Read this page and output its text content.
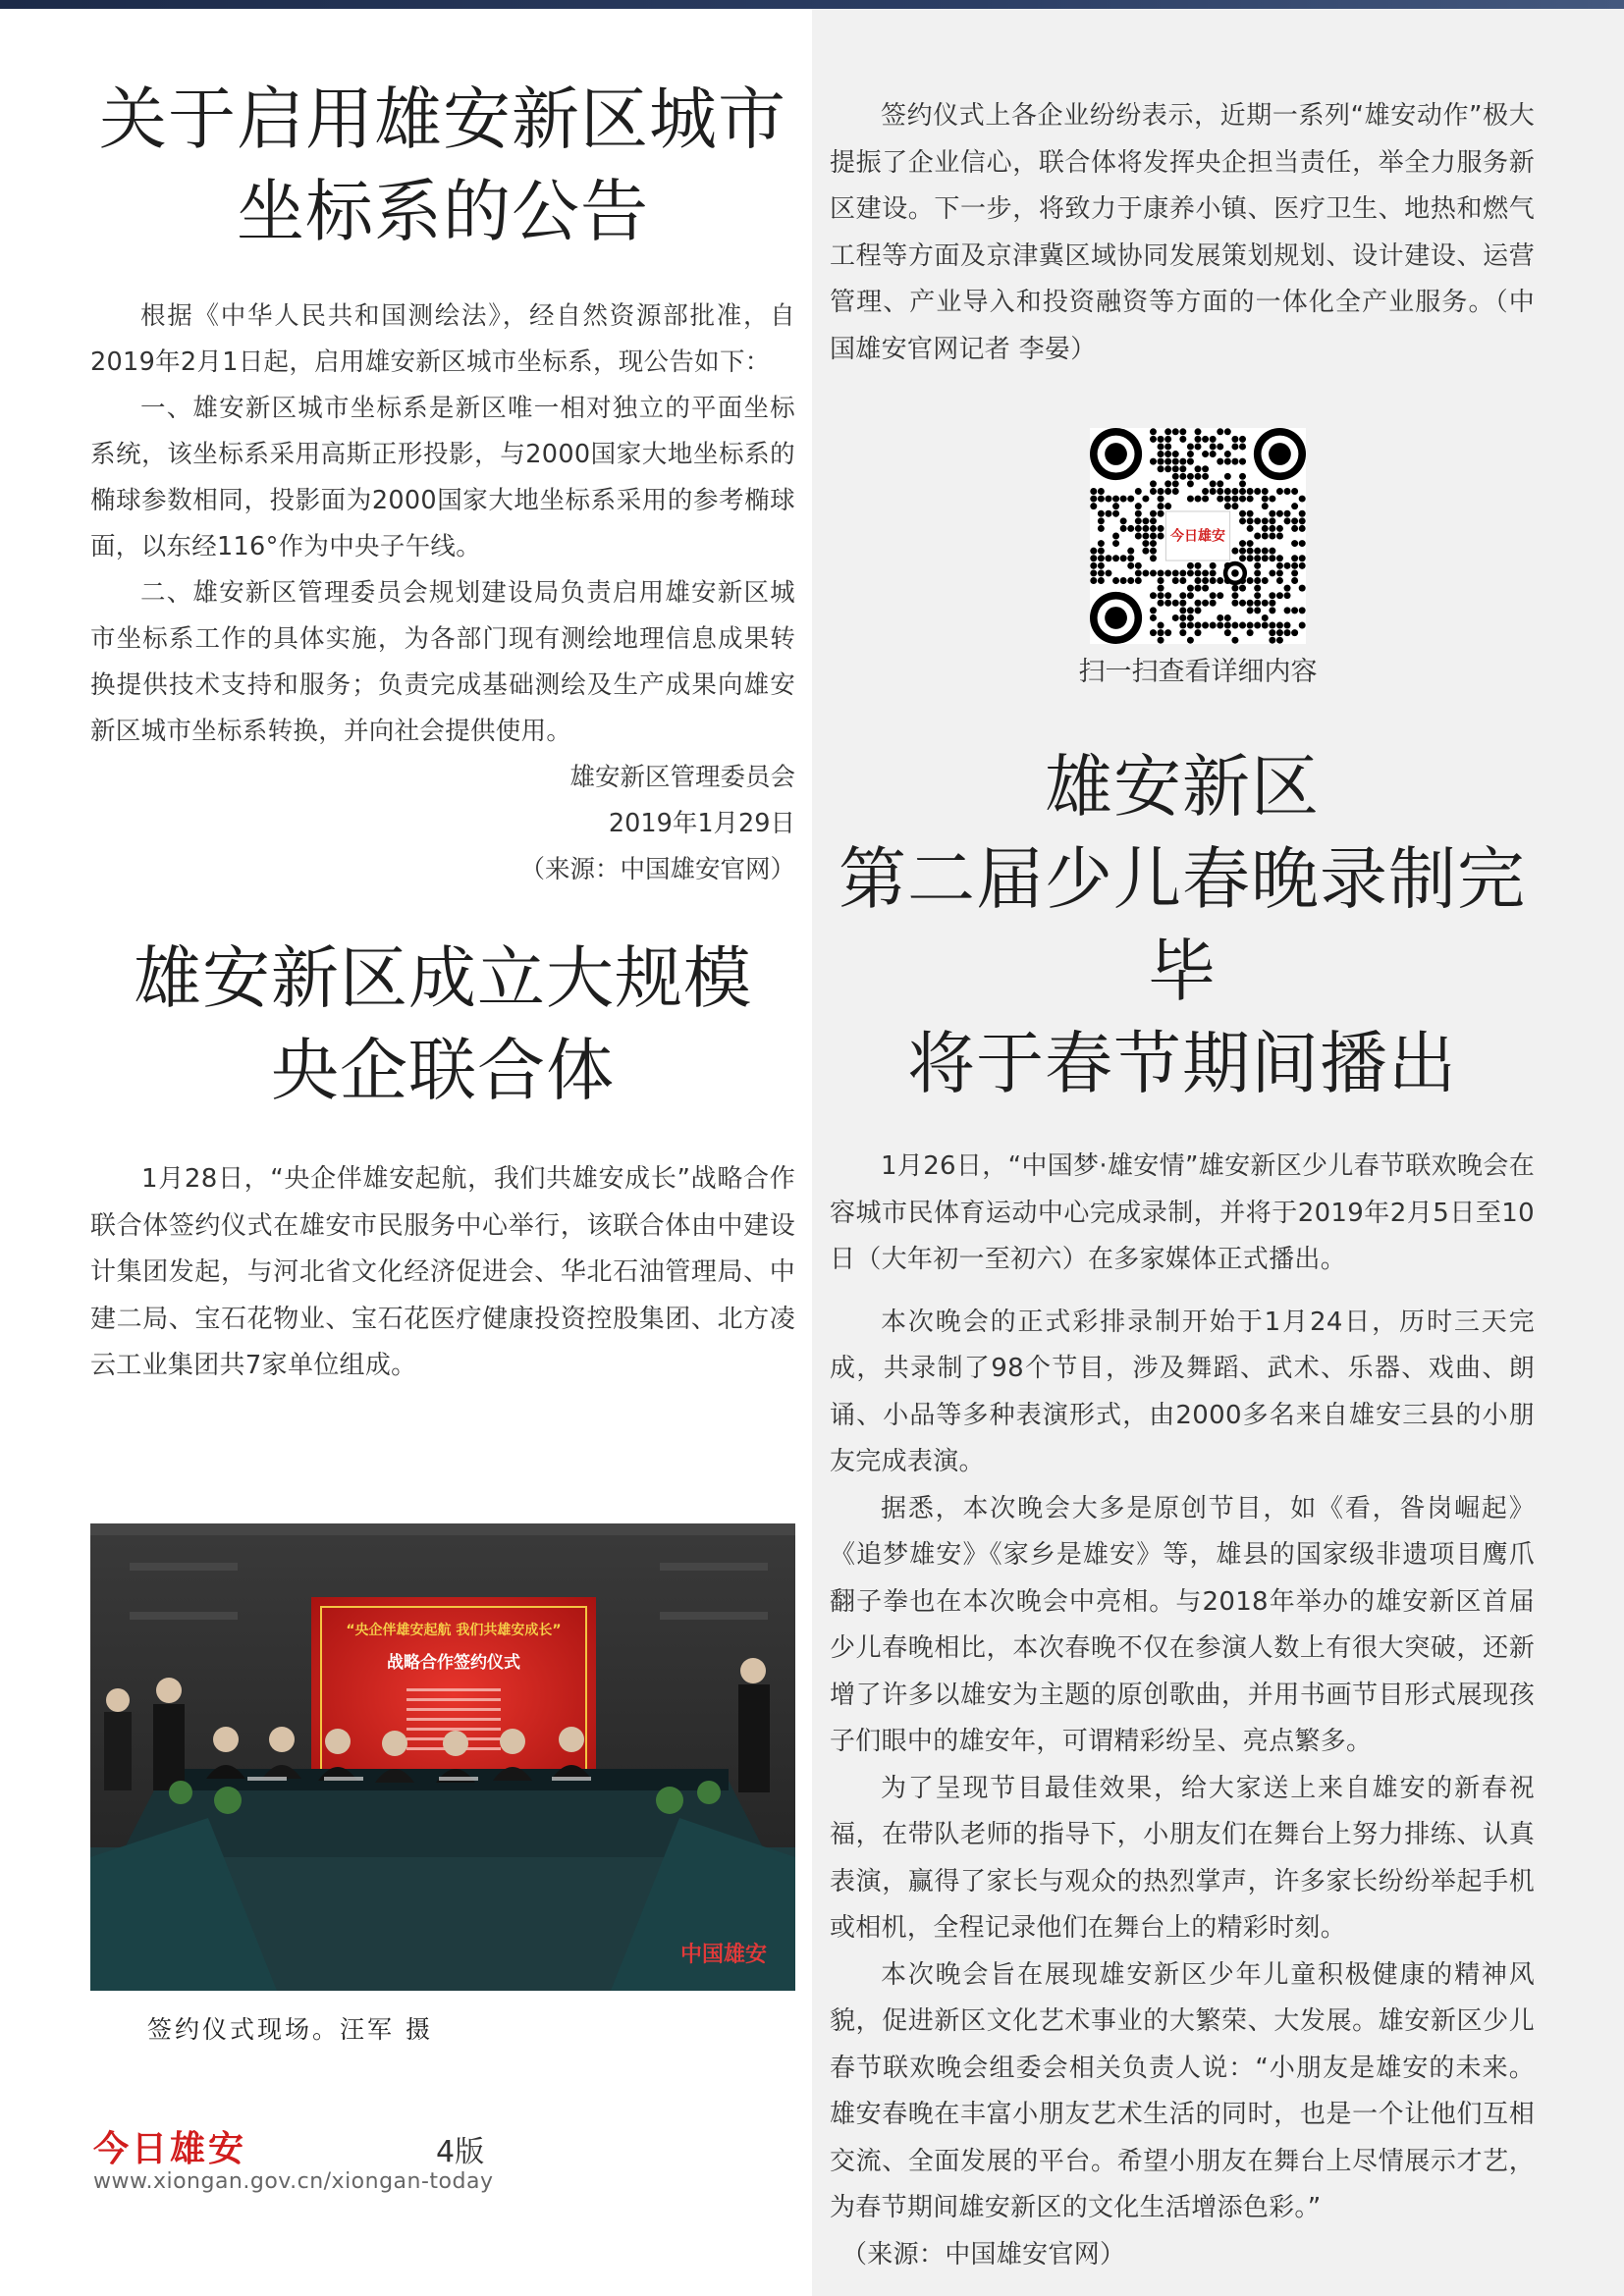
关于启用雄安新区城市
坐标系的公告

根据《中华人民共和国测绘法》，经自然资源部批准，自2019年2月1日起，启用雄安新区城市坐标系，现公告如下：

一、雄安新区城市坐标系是新区唯一相对独立的平面坐标系统，该坐标系采用高斯正形投影，与2000国家大地坐标系的椭球参数相同，投影面为2000国家大地坐标系采用的参考椭球面，以东经116°作为中央子午线。

二、雄安新区管理委员会规划建设局负责启用雄安新区城市坐标系工作的具体实施，为各部门现有测绘地理信息成果转换提供技术支持和服务；负责完成基础测绘及生产成果向雄安新区城市坐标系转换，并向社会提供使用。

雄安新区管理委员会

2019年1月29日

（来源：中国雄安官网）

雄安新区成立大规模
央企联合体

1月28日，“央企伴雄安起航，我们共雄安成长”战略合作联合体签约仪式在雄安市民服务中心举行，该联合体由中建设计集团发起，与河北省文化经济促进会、华北石油管理局、中建二局、宝石花物业、宝石花医疗健康投资控股集团、北方凌云工业集团共7家单位组成。

“央企伴雄安起航 我们共雄安成长”
战略合作签约仪式
中国雄安
签约仪式现场。汪军 摄

签约仪式上各企业纷纷表示，近期一系列“雄安动作”极大提振了企业信心，联合体将发挥央企担当责任，举全力服务新区建设。下一步，将致力于康养小镇、医疗卫生、地热和燃气工程等方面及京津冀区域协同发展策划规划、设计建设、运营管理、产业导入和投资融资等方面的一体化全产业服务。（中国雄安官网记者 李晏）

今日雄安
扫一扫查看详细内容
雄安新区
第二届少儿春晚录制完毕
将于春节期间播出

1月26日，“中国梦·雄安情”雄安新区少儿春节联欢晚会在容城市民体育运动中心完成录制，并将于2019年2月5日至10日（大年初一至初六）在多家媒体正式播出。

本次晚会的正式彩排录制开始于1月24日，历时三天完成，共录制了98个节目，涉及舞蹈、武术、乐器、戏曲、朗诵、小品等多种表演形式，由2000多名来自雄安三县的小朋友完成表演。

据悉，本次晚会大多是原创节目，如《看，昝岗崛起》《追梦雄安》《家乡是雄安》等，雄县的国家级非遗项目鹰爪翻子拳也在本次晚会中亮相。与2018年举办的雄安新区首届少儿春晚相比，本次春晚不仅在参演人数上有很大突破，还新增了许多以雄安为主题的原创歌曲，并用书画节目形式展现孩子们眼中的雄安年，可谓精彩纷呈、亮点繁多。

为了呈现节目最佳效果，给大家送上来自雄安的新春祝福，在带队老师的指导下，小朋友们在舞台上努力排练、认真表演，赢得了家长与观众的热烈掌声，许多家长纷纷举起手机或相机，全程记录他们在舞台上的精彩时刻。

本次晚会旨在展现雄安新区少年儿童积极健康的精神风貌，促进新区文化艺术事业的大繁荣、大发展。雄安新区少儿春节联欢晚会组委会相关负责人说：“小朋友是雄安的未来。雄安春晚在丰富小朋友艺术生活的同时，也是一个让他们互相交流、全面发展的平台。希望小朋友在舞台上尽情展示才艺，为春节期间雄安新区的文化生活增添色彩。”

（来源：中国雄安官网）

今日雄安	4版
www.xiongan.gov.cn/xiongan-today
